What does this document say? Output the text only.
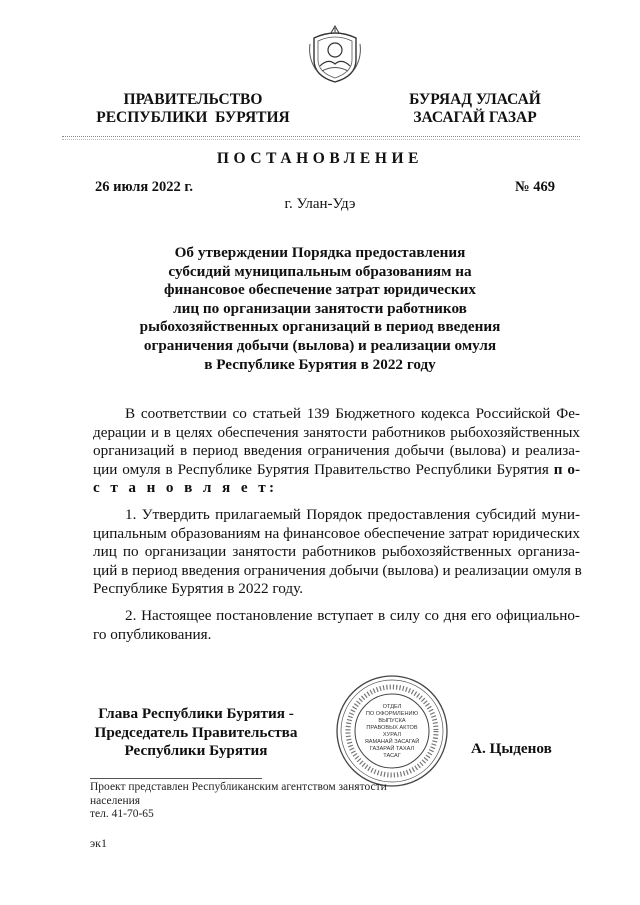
ПРАВИТЕЛЬСТВО
РЕСПУБЛИКИ  БУРЯТИЯ
БУРЯАД УЛАСАЙ
ЗАСАГАЙ ГАЗАР
ПОСТАНОВЛЕНИЕ
26 июля 2022 г.	№ 469
г. Улан-Удэ
Об утверждении Порядка предоставления
субсидий муниципальным образованиям на
финансовое обеспечение затрат юридических
лиц по организации занятости работников
рыбохозяйственных организаций в период введения
ограничения добычи (вылова) и реализации омуля
в Республике Бурятия в 2022 году
В соответствии со статьей 139 Бюджетного кодекса Российской Фе-
дерации и в целях обеспечения занятости работников рыбохозяйственных
организаций в период введения ограничения добычи (вылова) и реализа-
ции омуля в Республике Бурятия Правительство Республики Бурятия п о-
с т а н о в л я е т:
1. Утвердить прилагаемый Порядок предоставления субсидий муни-
ципальным образованиям на финансовое обеспечение затрат юридических
лиц по организации занятости работников рыбохозяйственных организа-
ций в период введения ограничения добычи (вылова) и реализации омуля в
Республике Бурятия в 2022 году.
2. Настоящее постановление вступает в силу со дня его официально-
го опубликования.
Глава Республики Бурятия -
Председатель Правительства
Республики Бурятия
ОТДЕЛ
ПО ОФОРМЛЕНИЮ
ВЫПУСКА
ПРАВОВЫХ АКТОВ
ХУРАЛ
ЯАМАНАЙ ЗАСАГАЙ
ГАЗАРАЙ ТАХАЛ
ТАСАГ	А. Цыденов
Проект представлен Республиканским агентством занятости
населения
тел. 41-70-65
эк1
